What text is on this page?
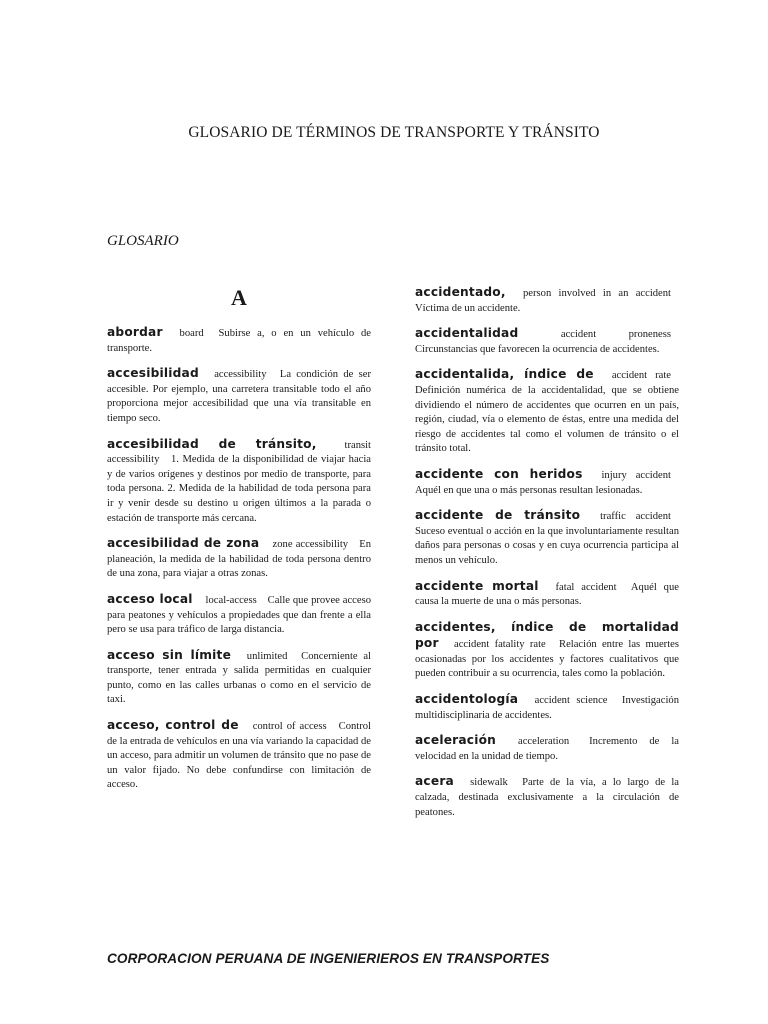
GLOSARIO DE TÉRMINOS DE TRANSPORTE Y TRÁNSITO
GLOSARIO
A
abordar board Subirse a, o en un vehículo de transporte.
accesibilidad accessibility La condición de ser accesible. Por ejemplo, una carretera transitable todo el año proporciona mejor accesibilidad que una vía transitable en tiempo seco.
accesibilidad de tránsito,	transit accessibility 1. Medida de la disponibilidad de viajar hacia y de varios orígenes y destinos por medio de transporte, para toda persona. 2. Medida de la habilidad de toda persona para ir y venir desde su destino u origen últimos a la parada o estación de transporte más cercana.
accesibilidad de zona zone accessibility En planeación, la medida de la habilidad de toda persona dentro de una zona, para viajar a otras zonas.
acceso local local-access Calle que provee acceso para peatones y vehículos a propiedades que dan frente a ella pero se usa para tráfico de larga distancia.
acceso sin límite unlimited Concerniente al transporte, tener entrada y salida permitidas en cualquier punto, como en las calles urbanas o como en el servicio de taxi.
acceso, control de control of access Control de la entrada de vehículos en una vía variando la capacidad de un acceso, para admitir un volumen de tránsito que no pase de un valor fijado. No debe confundirse con limitación de acceso.
accidentado, person involved in an accident Víctima de un accidente.
accidentalidad	accident proneness Circunstancias que favorecen la ocurrencia de accidentes.
accidentalida, índice de accident rate Definición numérica de la accidentalidad, que se obtiene dividiendo el número de accidentes que ocurren en un país, región, ciudad, vía o elemento de éstas, entre una medida del riesgo de accidentes tal como el volumen de tránsito o el tránsito total.
accidente con heridos injury accident Aquél en que una o más personas resultan lesionadas.
accidente de tránsito traffic accident Suceso eventual o acción en la que involuntariamente resultan daños para personas o cosas y en cuya ocurrencia participa al menos un vehículo.
accidente mortal fatal accident Aquél que causa la muerte de una o más personas.
accidentes, índice de mortalidad por accident fatality rate Relación entre las muertes ocasionadas por los accidentes y factores cualitativos que pueden contribuir a su ocurrencia, tales como la población.
accidentología accident science Investigación multidisciplinaria de accidentes.
aceleración acceleration Incremento de la velocidad en la unidad de tiempo.
acera sidewalk Parte de la vía, a lo largo de la calzada, destinada exclusivamente a la circulación de peatones.
CORPORACION PERUANA DE INGENIERIEROS EN TRANSPORTES
